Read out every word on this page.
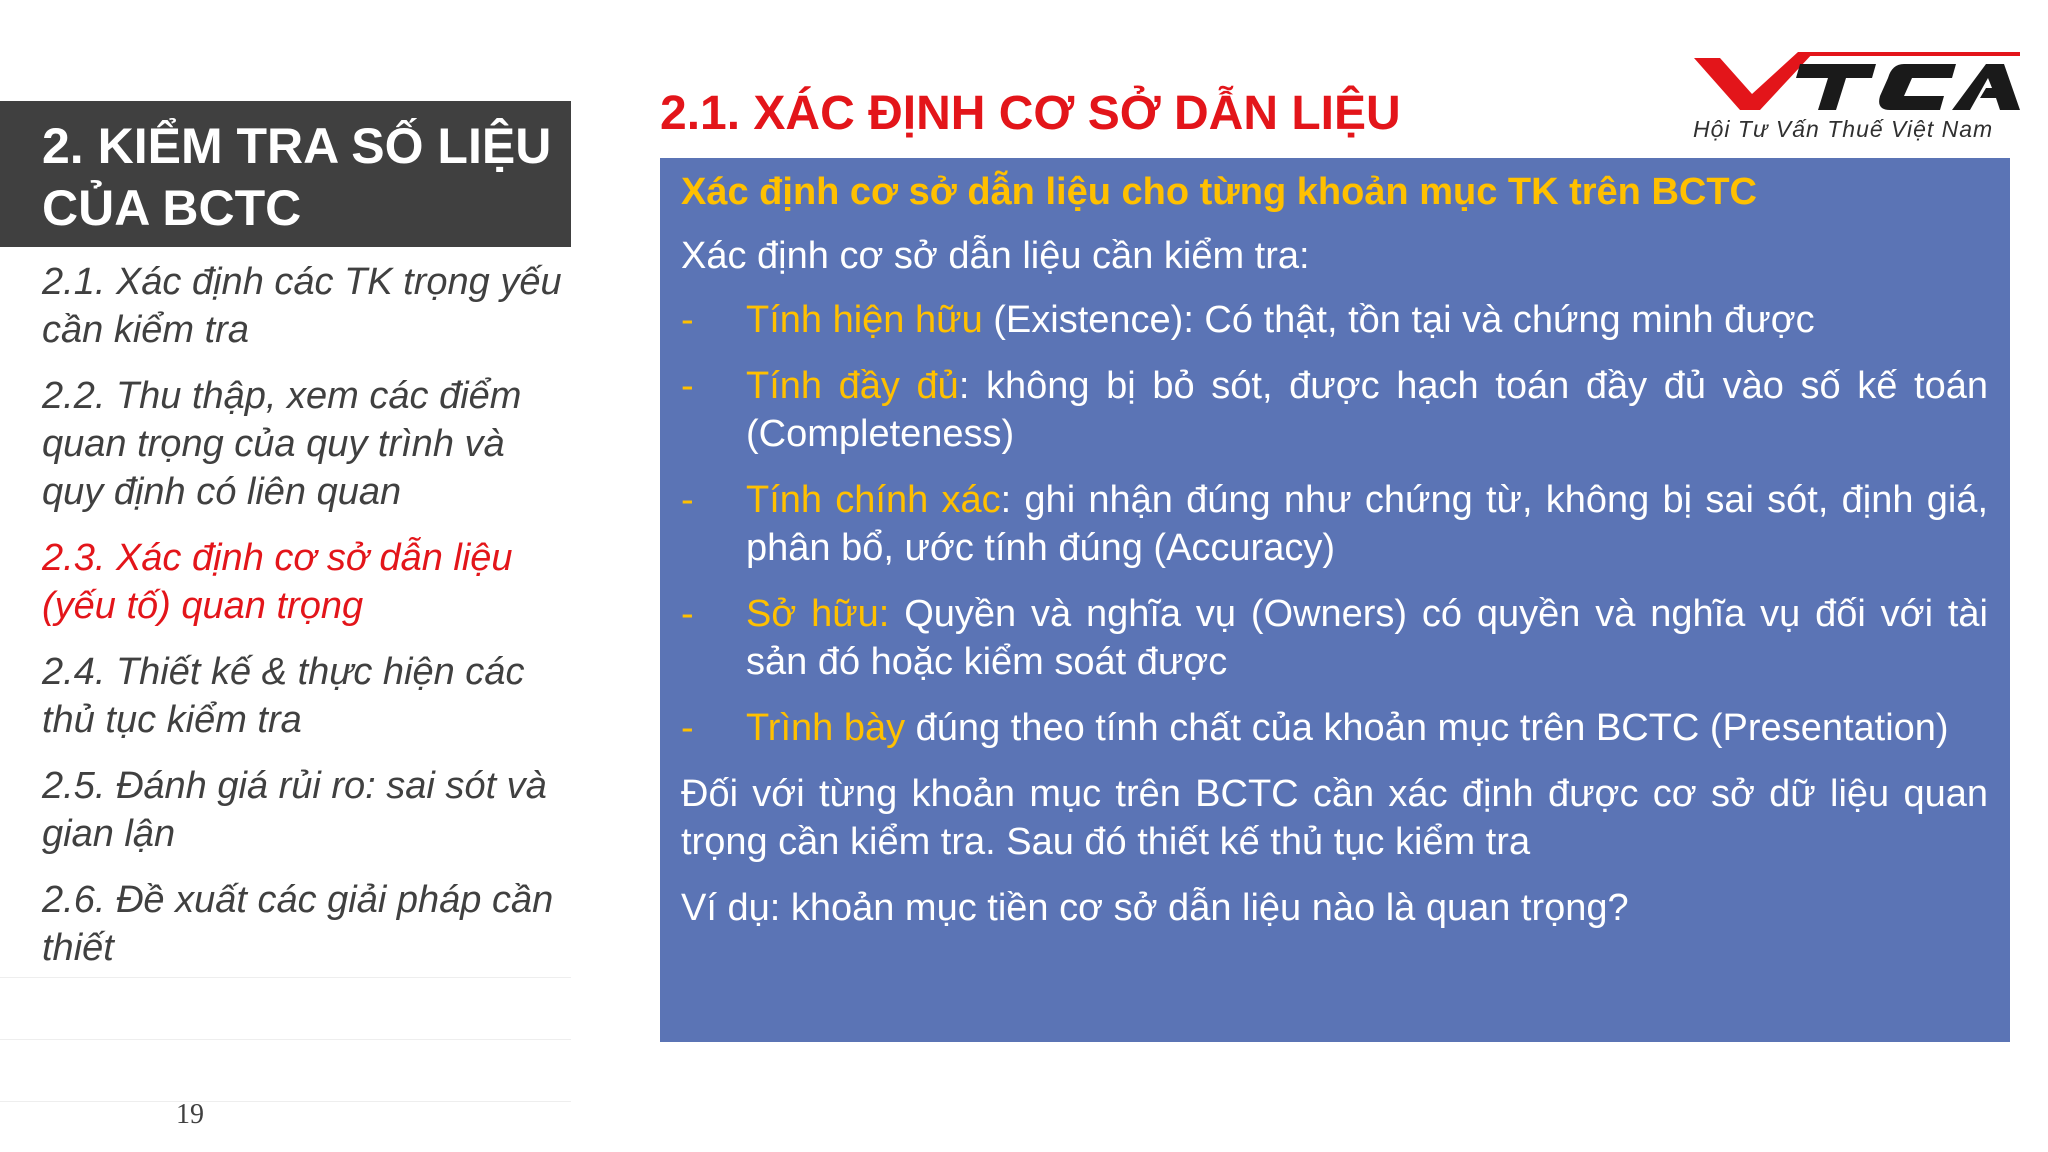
2. KIỂM TRA SỐ LIỆU CỦA BCTC
2.1. Xác định các TK trọng yếu cần kiểm tra
2.2. Thu thập, xem các điểm quan trọng của quy trình và quy định có liên quan
2.3. Xác định cơ sở dẫn liệu (yếu tố) quan trọng
2.4. Thiết kế & thực hiện các thủ tục kiểm tra
2.5. Đánh giá rủi ro: sai sót và gian lận
2.6. Đề xuất các giải pháp cần thiết
19
2.1. XÁC ĐỊNH CƠ SỞ DẪN LIỆU	Hội Tư Vấn Thuế Việt Nam

Xác định cơ sở dẫn liệu cho từng khoản mục TK trên BCTC

Xác định cơ sở dẫn liệu cần kiểm tra:

- Tính hiện hữu (Existence): Có thật, tồn tại và chứng minh được
- Tính đầy đủ: không bị bỏ sót, được hạch toán đầy đủ vào số kế toán (Completeness)
- Tính chính xác: ghi nhận đúng như chứng từ, không bị sai sót, định giá, phân bổ, ước tính đúng (Accuracy)
- Sở hữu: Quyền và nghĩa vụ (Owners) có quyền và nghĩa vụ đối với tài sản đó hoặc kiểm soát được
- Trình bày đúng theo tính chất của khoản mục trên BCTC (Presentation)

Đối với từng khoản mục trên BCTC cần xác định được cơ sở dữ liệu quan trọng cần kiểm tra. Sau đó thiết kế thủ tục kiểm tra

Ví dụ: khoản mục tiền cơ sở dẫn liệu nào là quan trọng?
